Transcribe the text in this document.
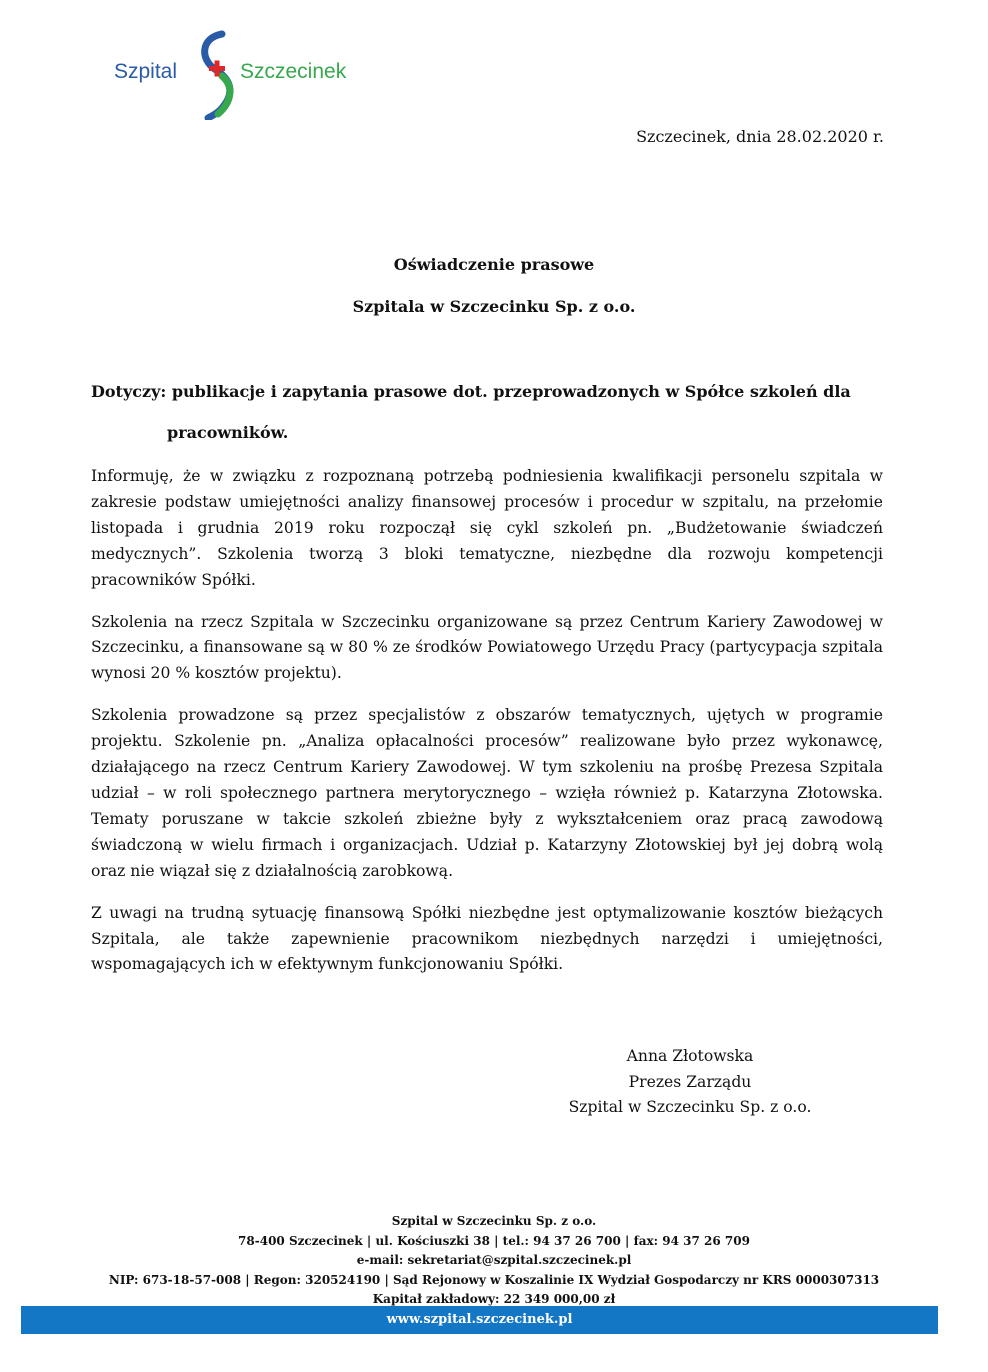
Szpital	Szczecinek
Szczecinek, dnia 28.02.2020 r.
Oświadczenie prasowe
Szpitala w Szczecinku Sp. z o.o.
Dotyczy: publikacje i zapytania prasowe dot. przeprowadzonych w Spółce szkoleń dla
pracowników.

Informuję, że w związku z rozpoznaną potrzebą podniesienia kwalifikacji personelu szpitala w zakresie podstaw umiejętności analizy finansowej procesów i procedur w szpitalu, na przełomie listopada i grudnia 2019 roku rozpoczął się cykl szkoleń pn. „Budżetowanie świadczeń medycznych”. Szkolenia tworzą 3 bloki tematyczne, niezbędne dla rozwoju kompetencji pracowników Spółki.

Szkolenia na rzecz Szpitala w Szczecinku organizowane są przez Centrum Kariery Zawodowej w Szczecinku, a finansowane są w 80 % ze środków Powiatowego Urzędu Pracy (partycypacja szpitala wynosi 20 % kosztów projektu).

Szkolenia prowadzone są przez specjalistów z obszarów tematycznych, ujętych w programie projektu. Szkolenie pn. „Analiza opłacalności procesów” realizowane było przez wykonawcę, działającego na rzecz Centrum Kariery Zawodowej. W tym szkoleniu na prośbę Prezesa Szpitala udział – w roli społecznego partnera merytorycznego – wzięła również p. Katarzyna Złotowska. Tematy poruszane w takcie szkoleń zbieżne były z wykształceniem oraz pracą zawodową świadczoną w wielu firmach i organizacjach. Udział p. Katarzyny Złotowskiej był jej dobrą wolą oraz nie wiązał się z działalnością zarobkową.

Z uwagi na trudną sytuację finansową Spółki niezbędne jest optymalizowanie kosztów bieżących Szpitala, ale także zapewnienie pracownikom niezbędnych narzędzi i umiejętności, wspomagających ich w efektywnym funkcjonowaniu Spółki.

Anna Złotowska
Prezes Zarządu
Szpital w Szczecinku Sp. z o.o.
Szpital w Szczecinku Sp. z o.o.
78-400 Szczecinek | ul. Kościuszki 38 | tel.: 94 37 26 700 | fax: 94 37 26 709
e-mail: sekretariat@szpital.szczecinek.pl
NIP: 673-18-57-008 | Regon: 320524190 | Sąd Rejonowy w Koszalinie IX Wydział Gospodarczy nr KRS 0000307313
Kapitał zakładowy: 22 349 000,00 zł
www.szpital.szczecinek.pl
